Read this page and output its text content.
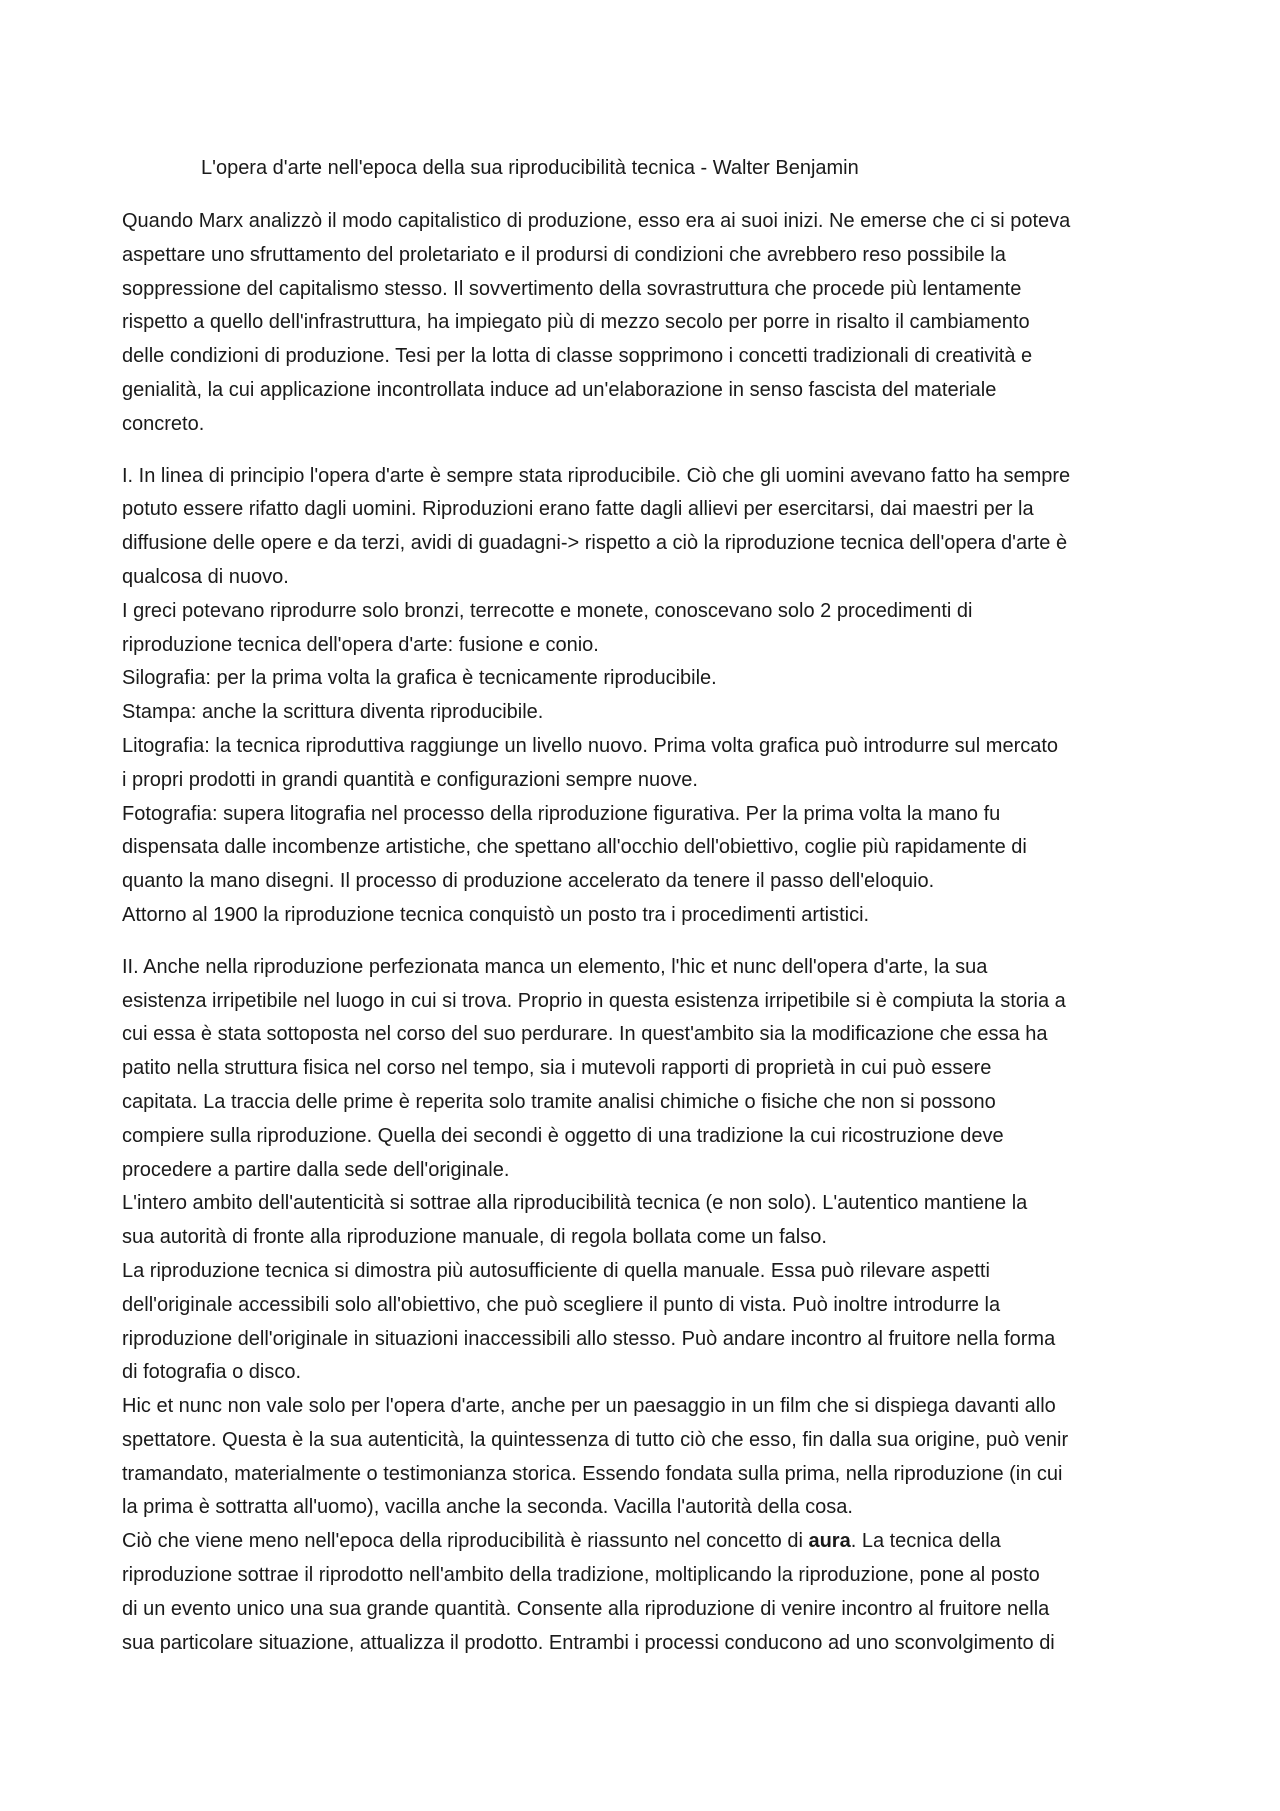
L'opera d'arte nell'epoca della sua riproducibilità tecnica - Walter Benjamin

Quando Marx analizzò il modo capitalistico di produzione, esso era ai suoi inizi. Ne emerse che ci si poteva

aspettare uno sfruttamento del proletariato e il prodursi di condizioni che avrebbero reso possibile la

soppressione del capitalismo stesso. Il sovvertimento della sovrastruttura che procede più lentamente

rispetto a quello dell'infrastruttura, ha impiegato più di mezzo secolo per porre in risalto il cambiamento

delle condizioni di produzione. Tesi per la lotta di classe sopprimono i concetti tradizionali di creatività e

genialità, la cui applicazione incontrollata induce ad un'elaborazione in senso fascista del materiale

concreto.

I. In linea di principio l'opera d'arte è sempre stata riproducibile. Ciò che gli uomini avevano fatto ha sempre

potuto essere rifatto dagli uomini. Riproduzioni erano fatte dagli allievi per esercitarsi, dai maestri per la

diffusione delle opere e da terzi, avidi di guadagni-> rispetto a ciò la riproduzione tecnica dell'opera d'arte è

qualcosa di nuovo.

I greci potevano riprodurre solo bronzi, terrecotte e monete, conoscevano solo 2 procedimenti di

riproduzione tecnica dell'opera d'arte: fusione e conio.

Silografia: per la prima volta la grafica è tecnicamente riproducibile.

Stampa: anche la scrittura diventa riproducibile.

Litografia: la tecnica riproduttiva raggiunge un livello nuovo. Prima volta grafica può introdurre sul mercato

i propri prodotti in grandi quantità e configurazioni sempre nuove.

Fotografia: supera litografia nel processo della riproduzione figurativa. Per la prima volta la mano fu

dispensata dalle incombenze artistiche, che spettano all'occhio dell'obiettivo, coglie più rapidamente di

quanto la mano disegni. Il processo di produzione accelerato da tenere il passo dell'eloquio.

Attorno al 1900 la riproduzione tecnica conquistò un posto tra i procedimenti artistici.

II. Anche nella riproduzione perfezionata manca un elemento, l'hic et nunc dell'opera d'arte, la sua

esistenza irripetibile nel luogo in cui si trova. Proprio in questa esistenza irripetibile si è compiuta la storia a

cui essa è stata sottoposta nel corso del suo perdurare. In quest'ambito sia la modificazione che essa ha

patito nella struttura fisica nel corso nel tempo, sia i mutevoli rapporti di proprietà in cui può essere

capitata. La traccia delle prime è reperita solo tramite analisi chimiche o fisiche che non si possono

compiere sulla riproduzione. Quella dei secondi è oggetto di una tradizione la cui ricostruzione deve

procedere a partire dalla sede dell'originale.

L'intero ambito dell'autenticità si sottrae alla riproducibilità tecnica (e non solo). L'autentico mantiene la

sua autorità di fronte alla riproduzione manuale, di regola bollata come un falso.

La riproduzione tecnica si dimostra più autosufficiente di quella manuale. Essa può rilevare aspetti

dell'originale accessibili solo all'obiettivo, che può scegliere il punto di vista. Può inoltre introdurre la

riproduzione dell'originale in situazioni inaccessibili allo stesso. Può andare incontro al fruitore nella forma

di fotografia o disco.

Hic et nunc non vale solo per l'opera d'arte, anche per un paesaggio in un film che si dispiega davanti allo

spettatore. Questa è la sua autenticità, la quintessenza di tutto ciò che esso, fin dalla sua origine, può venir

tramandato, materialmente o testimonianza storica. Essendo fondata sulla prima, nella riproduzione (in cui

la prima è sottratta all'uomo), vacilla anche la seconda. Vacilla l'autorità della cosa.

Ciò che viene meno nell'epoca della riproducibilità è riassunto nel concetto di aura. La tecnica della

riproduzione sottrae il riprodotto nell'ambito della tradizione, moltiplicando la riproduzione, pone al posto

di un evento unico una sua grande quantità. Consente alla riproduzione di venire incontro al fruitore nella

sua particolare situazione, attualizza il prodotto. Entrambi i processi conducono ad uno sconvolgimento di
